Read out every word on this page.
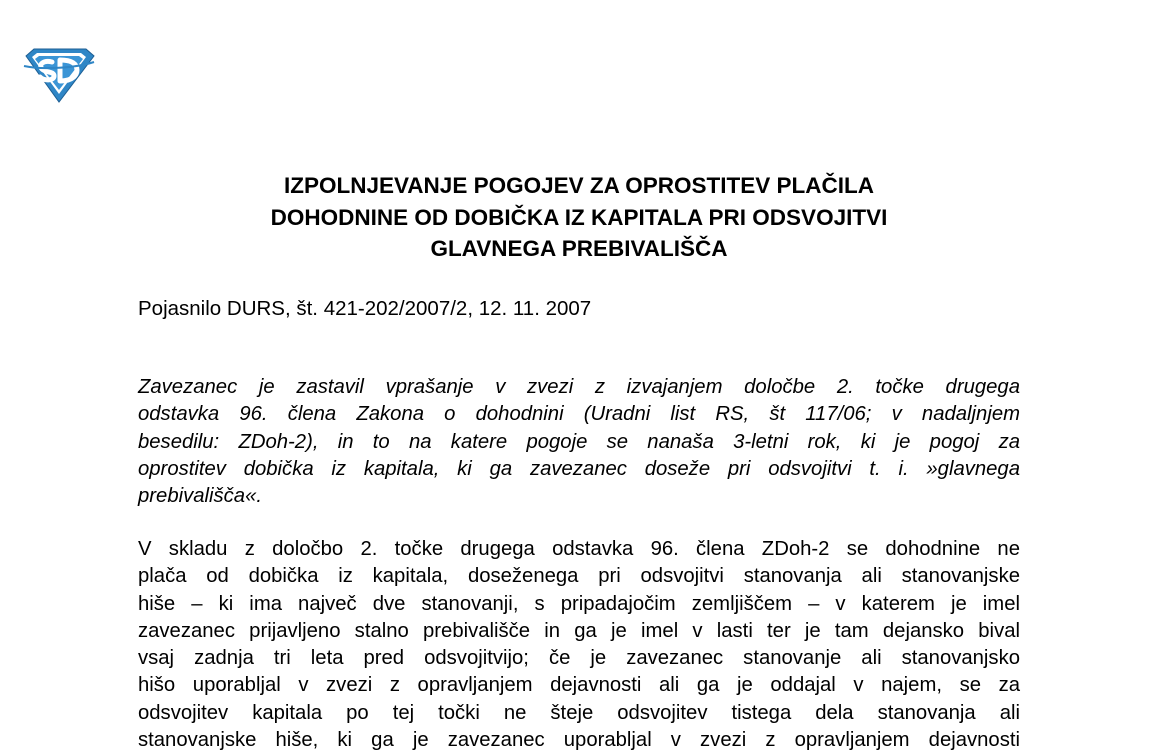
IZPOLNJEVANJE POGOJEV ZA OPROSTITEV PLAČILA
DOHODNINE OD DOBIČKA IZ KAPITALA PRI ODSVOJITVI
GLAVNEGA PREBIVALIŠČA

Pojasnilo DURS, št. 421-202/2007/2, 12. 11. 2007

Zavezanec je zastavil vprašanje v zvezi z izvajanjem določbe 2. točke drugega
odstavka 96. člena Zakona o dohodnini (Uradni list RS, št 117/06; v nadaljnjem
besedilu: ZDoh-2), in to na katere pogoje se nanaša 3-letni rok, ki je pogoj za
oprostitev dobička iz kapitala, ki ga zavezanec doseže pri odsvojitvi t. i. »glavnega
prebivališča«.
V skladu z določbo 2. točke drugega odstavka 96. člena ZDoh-2 se dohodnine ne
plača od dobička iz kapitala, doseženega pri odsvojitvi stanovanja ali stanovanjske
hiše – ki ima največ dve stanovanji, s pripadajočim zemljiščem – v katerem je imel
zavezanec prijavljeno stalno prebivališče in ga je imel v lasti ter je tam dejansko bival
vsaj zadnja tri leta pred odsvojitvijo; če je zavezanec stanovanje ali stanovanjsko
hišo uporabljal v zvezi z opravljanjem dejavnosti ali ga je oddajal v najem, se za
odsvojitev kapitala po tej točki ne šteje odsvojitev tistega dela stanovanja ali
stanovanjske hiše, ki ga je zavezanec uporabljal v zvezi z opravljanjem dejavnosti
